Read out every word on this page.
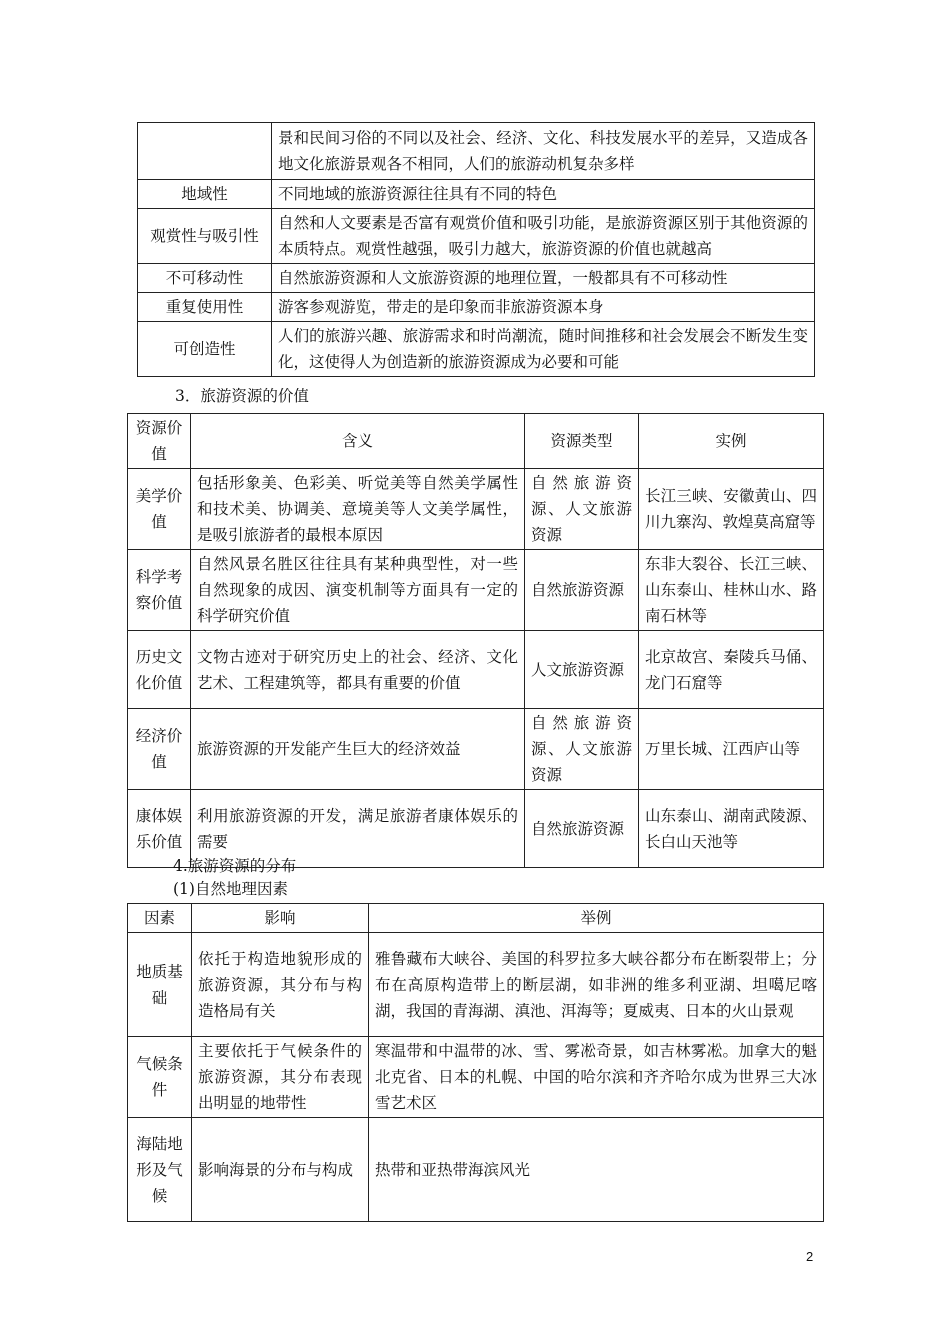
	景和民间习俗的不同以及社会、经济、文化、科技发展水平的差异，又造成各地文化旅游景观各不相同，人们的旅游动机复杂多样
地域性	不同地域的旅游资源往往具有不同的特色
观赏性与吸引性	自然和人文要素是否富有观赏价值和吸引功能，是旅游资源区别于其他资源的本质特点。观赏性越强，吸引力越大，旅游资源的价值也就越高
不可移动性	自然旅游资源和人文旅游资源的地理位置，一般都具有不可移动性
重复使用性	游客参观游览，带走的是印象而非旅游资源本身
可创造性	人们的旅游兴趣、旅游需求和时尚潮流，随时间推移和社会发展会不断发生变化，这使得人为创造新的旅游资源成为必要和可能
3．旅游资源的价值
资源价值	含义	资源类型	实例
美学价值	包括形象美、色彩美、听觉美等自然美学属性和技术美、协调美、意境美等人文美学属性，是吸引旅游者的最根本原因	自然旅游资源、人文旅游资源	长江三峡、安徽黄山、四川九寨沟、敦煌莫高窟等
科学考察价值	自然风景名胜区往往具有某种典型性，对一些自然现象的成因、演变机制等方面具有一定的科学研究价值	自然旅游资源	东非大裂谷、长江三峡、山东泰山、桂林山水、路南石林等
历史文化价值	文物古迹对于研究历史上的社会、经济、文化艺术、工程建筑等，都具有重要的价值	人文旅游资源	北京故宫、秦陵兵马俑、龙门石窟等
经济价值	旅游资源的开发能产生巨大的经济效益	自然旅游资源、人文旅游资源	万里长城、江西庐山等
康体娱乐价值	利用旅游资源的开发，满足旅游者康体娱乐的需要	自然旅游资源	山东泰山、湖南武陵源、长白山天池等
4.旅游资源的分布
(1)自然地理因素
因素	影响	举例
地质基础	依托于构造地貌形成的旅游资源，其分布与构造格局有关	雅鲁藏布大峡谷、美国的科罗拉多大峡谷都分布在断裂带上；分布在高原构造带上的断层湖，如非洲的维多利亚湖、坦噶尼喀湖，我国的青海湖、滇池、洱海等；夏威夷、日本的火山景观
气候条件	主要依托于气候条件的旅游资源，其分布表现出明显的地带性	寒温带和中温带的冰、雪、雾凇奇景，如吉林雾凇。加拿大的魁北克省、日本的札幌、中国的哈尔滨和齐齐哈尔成为世界三大冰雪艺术区
海陆地形及气候	影响海景的分布与构成	热带和亚热带海滨风光
2
